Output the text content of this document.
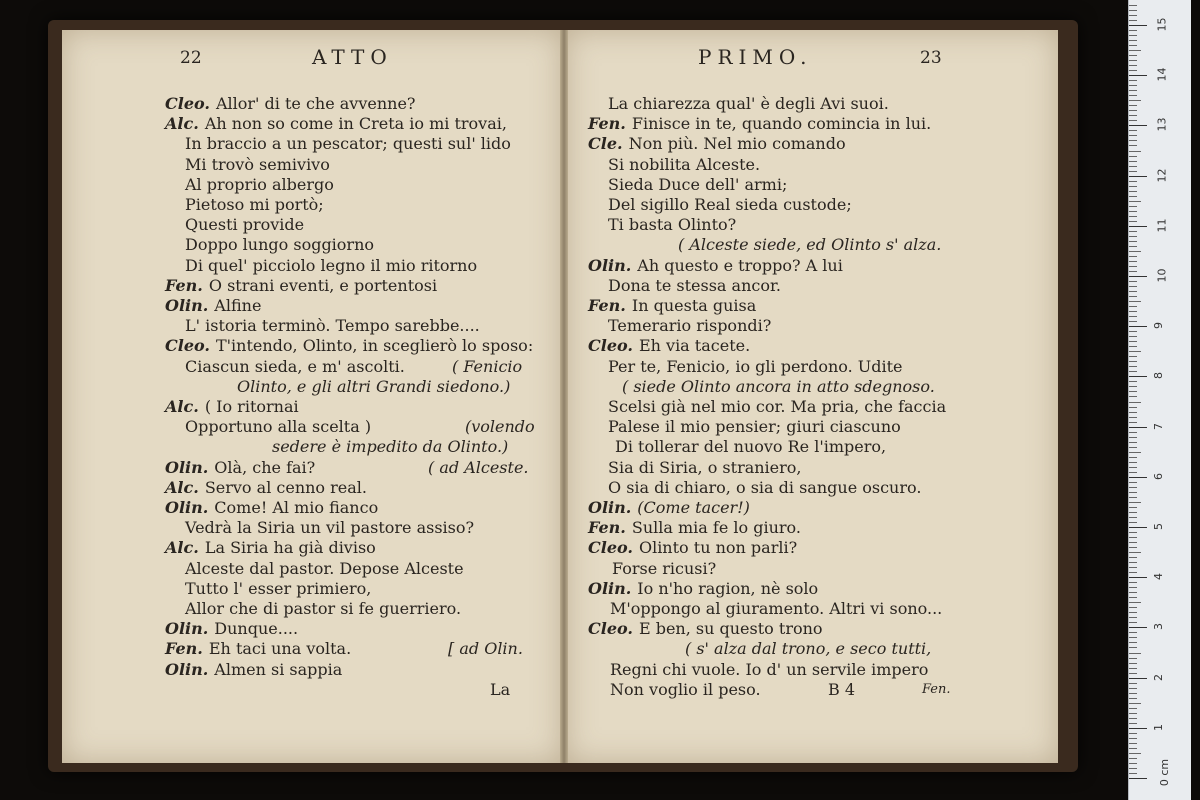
22	ATTO
Cleo. Allor' di te che avvenne?
Alc. Ah non so come in Creta io mi trovai,
In braccio a un pescator; questi sul' lido
Mi trovò semivivo
Al proprio albergo
Pietoso mi portò;
Questi provide
Doppo lungo soggiorno
Di quel' picciolo legno il mio ritorno
Fen. O strani eventi, e portentosi
Olin. Alfine
L' istoria terminò. Tempo sarebbe....
Cleo. T'intendo, Olinto, in sceglierò lo sposo:
Ciascun sieda, e m' ascolti.
Alc. ( Io ritornai
Opportuno alla scelta )
Olin. Olà, che fai?
Alc. Servo al cenno real.
Olin. Come! Al mio fianco
Vedrà la Siria un vil pastore assiso?
Alc. La Siria ha già diviso
Alceste dal pastor. Depose Alceste
Tutto l' esser primiero,
Allor che di pastor si fe guerriero.
Olin. Dunque....
Fen. Eh taci una volta.
Olin. Almen si sappia
( Fenicio
Olinto, e gli altri Grandi siedono.)
(volendo
sedere è impedito da Olinto.)
( ad Alceste.
[ ad Olin.
La
PRIMO.	23
La chiarezza qual' è degli Avi suoi.
Fen. Finisce in te, quando comincia in lui.
Cle. Non più. Nel mio comando
Si nobilita Alceste.
Sieda Duce dell' armi;
Del sigillo Real sieda custode;
Ti basta Olinto?
( Alceste siede, ed Olinto s' alza.
Olin. Ah questo e troppo? A lui
Dona te stessa ancor.
Fen. In questa guisa
Temerario rispondi?
Cleo. Eh via tacete.
Per te, Fenicio, io gli perdono. Udite
( siede Olinto ancora in atto sdegnoso.
Scelsi già nel mio cor. Ma pria, che faccia
Palese il mio pensier; giuri ciascuno
Di tollerar del nuovo Re l'impero,
Sia di Siria, o straniero,
O sia di chiaro, o sia di sangue oscuro.
Olin. (Come tacer!)
Fen. Sulla mia fe lo giuro.
Cleo. Olinto tu non parli?
Forse ricusi?
Olin. Io n'ho ragion, nè solo
M'oppongo al giuramento. Altri vi sono...
Cleo. E ben, su questo trono
( s' alza dal trono, e seco tutti,
Regni chi vuole. Io d' un servile impero
Non voglio il peso.	B 4	Fen.
0 cm
1
2
3
4
5
6
7
8
9
10
11
12
13
14
15
